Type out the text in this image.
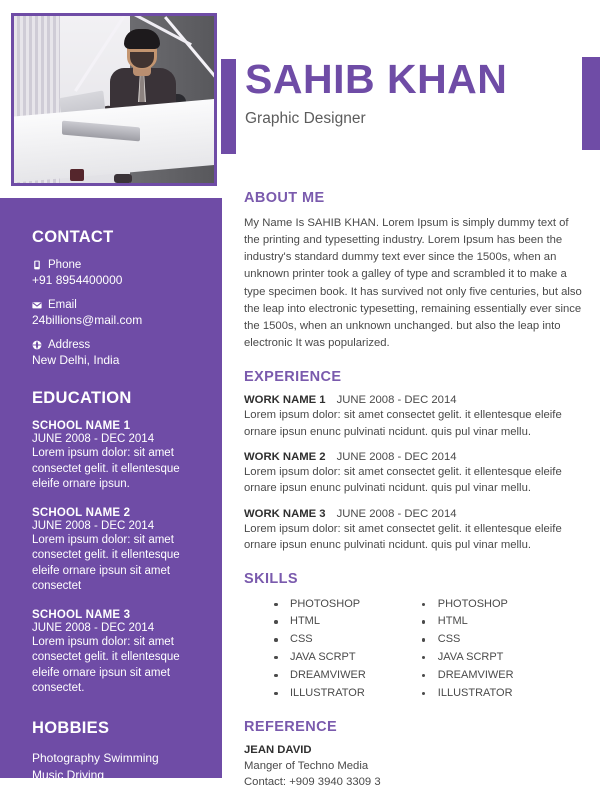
SAHIB KHAN
Graphic Designer
CONTACT
Phone
+91 8954400000
Email
24billions@mail.com
Address
New Delhi, India
EDUCATION
SCHOOL NAME 1
JUNE 2008 - DEC 2014
Lorem ipsum dolor: sit amet consectet gelit. it ellentesque eleife ornare ipsun.
SCHOOL NAME 2
JUNE 2008 - DEC 2014
Lorem ipsum dolor: sit amet consectet gelit. it ellentesque eleife ornare ipsun sit amet consectet
SCHOOL NAME 3
JUNE 2008 - DEC 2014
Lorem ipsum dolor: sit amet consectet gelit. it ellentesque eleife ornare ipsun sit amet consectet.
HOBBIES
Photography Swimming
Music Driving
ABOUT ME
My Name Is SAHIB KHAN. Lorem Ipsum is simply dummy text of the printing and typesetting industry. Lorem Ipsum has been the industry's standard dummy text ever since the 1500s, when an unknown printer took a galley of type and scrambled it to make a type specimen book. It has survived not only five centuries, but also the leap into electronic typesetting, remaining essentially ever since the 1500s, when an unknown unchanged. but also the leap into electronic It was popularized.
EXPERIENCE
WORK NAME 1 JUNE 2008 - DEC 2014
Lorem ipsum dolor: sit amet consectet gelit. it ellentesque eleife ornare ipsun enunc pulvinati ncidunt. quis pul vinar mellu.
WORK NAME 2 JUNE 2008 - DEC 2014
Lorem ipsum dolor: sit amet consectet gelit. it ellentesque eleife ornare ipsun enunc pulvinati ncidunt. quis pul vinar mellu.
WORK NAME 3 JUNE 2008 - DEC 2014
Lorem ipsum dolor: sit amet consectet gelit. it ellentesque eleife ornare ipsun enunc pulvinati ncidunt. quis pul vinar mellu.
SKILLS
PHOTOSHOP
HTML
CSS
JAVA SCRPT
DREAMVIWER
ILLUSTRATOR
PHOTOSHOP
HTML
CSS
JAVA SCRPT
DREAMVIWER
ILLUSTRATOR
REFERENCE
JEAN DAVID
Manger of Techno Media
Contact: +909 3940 3309 3
